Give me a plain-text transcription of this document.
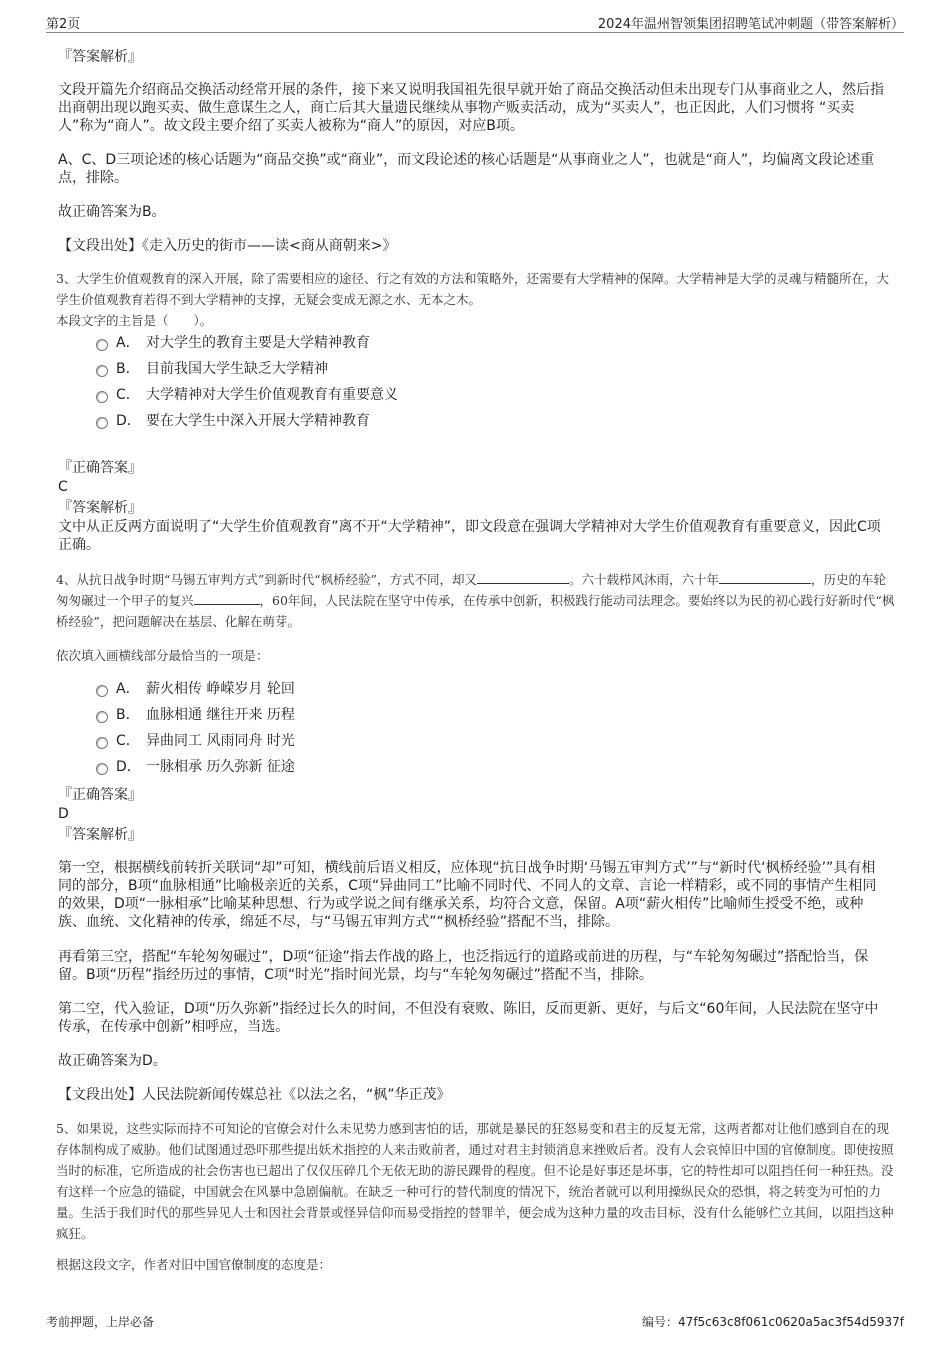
第2页	2024年温州智领集团招聘笔试冲刺题（带答案解析）
『答案解析』
文段开篇先介绍商品交换活动经常开展的条件，接下来又说明我国祖先很早就开始了商品交换活动但未出现专门从事商业之人，然后指出商朝出现以跑买卖、做生意谋生之人，商亡后其大量遗民继续从事物产贩卖活动，成为“买卖人”，也正因此，人们习惯将 “买卖人”称为“商人”。故文段主要介绍了买卖人被称为“商人”的原因，对应B项。
A、C、D三项论述的核心话题为“商品交换”或“商业”，而文段论述的核心话题是“从事商业之人”，也就是“商人”，均偏离文段论述重点，排除。
故正确答案为B。
【文段出处】《走入历史的街市——读<商从商朝来>》
3、大学生价值观教育的深入开展，除了需要相应的途径、行之有效的方法和策略外，还需要有大学精神的保障。大学精神是大学的灵魂与精髓所在，大学生价值观教育若得不到大学精神的支撑，无疑会变成无源之水、无本之木。
本段文字的主旨是（　　）。
A． 对大学生的教育主要是大学精神教育
B． 目前我国大学生缺乏大学精神
C． 大学精神对大学生价值观教育有重要意义
D． 要在大学生中深入开展大学精神教育
『正确答案』
C
『答案解析』
文中从正反两方面说明了“大学生价值观教育”离不开“大学精神”，即文段意在强调大学精神对大学生价值观教育有重要意义，因此C项正确。
4、从抗日战争时期“马锡五审判方式”到新时代“枫桥经验”，方式不同，却又	。六十载栉风沐雨，六十年	，历史的车轮匆匆碾过一个甲子的复兴	，60年间，人民法院在坚守中传承，在传承中创新，积极践行能动司法理念。要始终以为民的初心践行好新时代“枫桥经验”，把问题解决在基层、化解在萌芽。
依次填入画横线部分最恰当的一项是：
A． 薪火相传 峥嵘岁月 轮回
B． 血脉相通 继往开来 历程
C． 异曲同工 风雨同舟 时光
D． 一脉相承 历久弥新 征途
『正确答案』
D
『答案解析』
第一空，根据横线前转折关联词“却”可知，横线前后语义相反，应体现“抗日战争时期‘马锡五审判方式’”与“新时代‘枫桥经验’”具有相同的部分，B项“血脉相通”比喻极亲近的关系，C项“异曲同工”比喻不同时代、不同人的文章、言论一样精彩，或不同的事情产生相同的效果，D项“一脉相承”比喻某种思想、行为或学说之间有继承关系，均符合文意，保留。A项“薪火相传”比喻师生授受不绝，或种族、血统、文化精神的传承，绵延不尽，与“马锡五审判方式”“枫桥经验”搭配不当，排除。
再看第三空，搭配“车轮匆匆碾过”，D项“征途”指去作战的路上，也泛指远行的道路或前进的历程，与“车轮匆匆碾过”搭配恰当，保留。B项“历程”指经历过的事情，C项“时光”指时间光景，均与“车轮匆匆碾过”搭配不当，排除。
第二空，代入验证，D项“历久弥新”指经过长久的时间，不但没有衰败、陈旧，反而更新、更好，与后文“60年间，人民法院在坚守中传承，在传承中创新”相呼应，当选。
故正确答案为D。
【文段出处】人民法院新闻传媒总社《以法之名，“枫”华正茂》
5、如果说，这些实际而持不可知论的官僚会对什么未见势力感到害怕的话，那就是暴民的狂怒易变和君主的反复无常，这两者都对让他们感到自在的现存体制构成了威胁。他们试图通过恐吓那些提出妖术指控的人来击败前者，通过对君主封锁消息来挫败后者。没有人会哀悼旧中国的官僚制度。即使按照当时的标准，它所造成的社会伤害也已超出了仅仅压碎几个无依无助的游民踝骨的程度。但不论是好事还是坏事，它的特性却可以阻挡任何一种狂热。没有这样一个应急的锚碇，中国就会在风暴中急剧偏航。在缺乏一种可行的替代制度的情况下，统治者就可以利用操纵民众的恐惧，将之转变为可怕的力量。生活于我们时代的那些异见人士和因社会背景或怪异信仰而易受指控的替罪羊，便会成为这种力量的攻击目标，没有什么能够伫立其间，以阻挡这种疯狂。
根据这段文字，作者对旧中国官僚制度的态度是：
考前押题，上岸必备	编号：47f5c63c8f061c0620a5ac3f54d5937f
